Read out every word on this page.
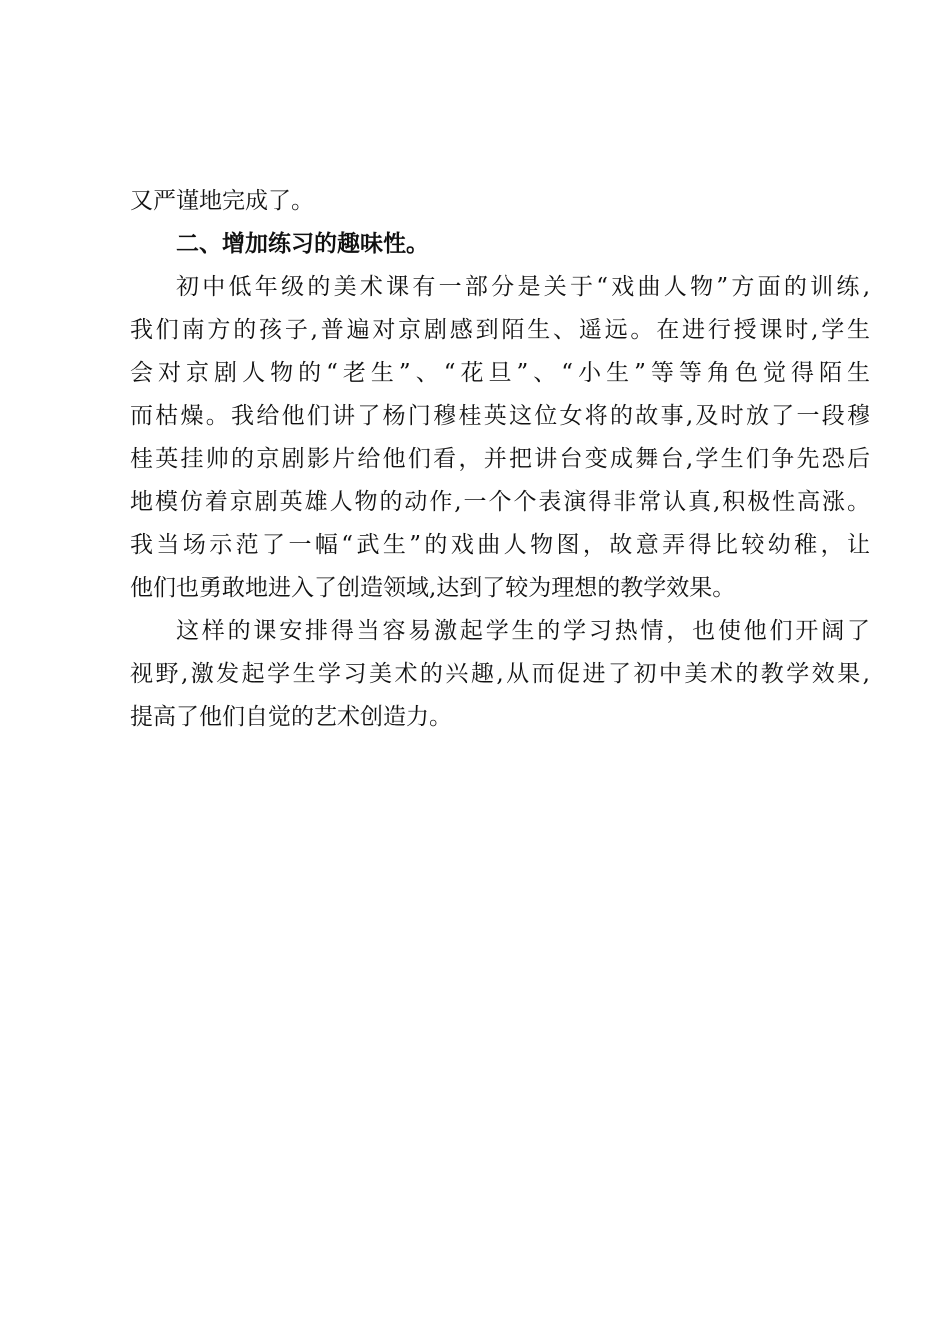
又严谨地完成了。
二、增加练习的趣味性。
初中低年级的美术课有一部分是关于“戏曲人物”方面的训练,
我们南方的孩子,普遍对京剧感到陌生、遥远。在进行授课时,学生
会对京剧人物的“老生”、“花旦”、“小生”等等角色觉得陌生
而枯燥。我给他们讲了杨门穆桂英这位女将的故事,及时放了一段穆
桂英挂帅的京剧影片给他们看，并把讲台变成舞台,学生们争先恐后
地模仿着京剧英雄人物的动作,一个个表演得非常认真,积极性高涨。
我当场示范了一幅“武生”的戏曲人物图，故意弄得比较幼稚，让
他们也勇敢地进入了创造领域,达到了较为理想的教学效果。
这样的课安排得当容易激起学生的学习热情，也使他们开阔了
视野,激发起学生学习美术的兴趣,从而促进了初中美术的教学效果,
提高了他们自觉的艺术创造力。
